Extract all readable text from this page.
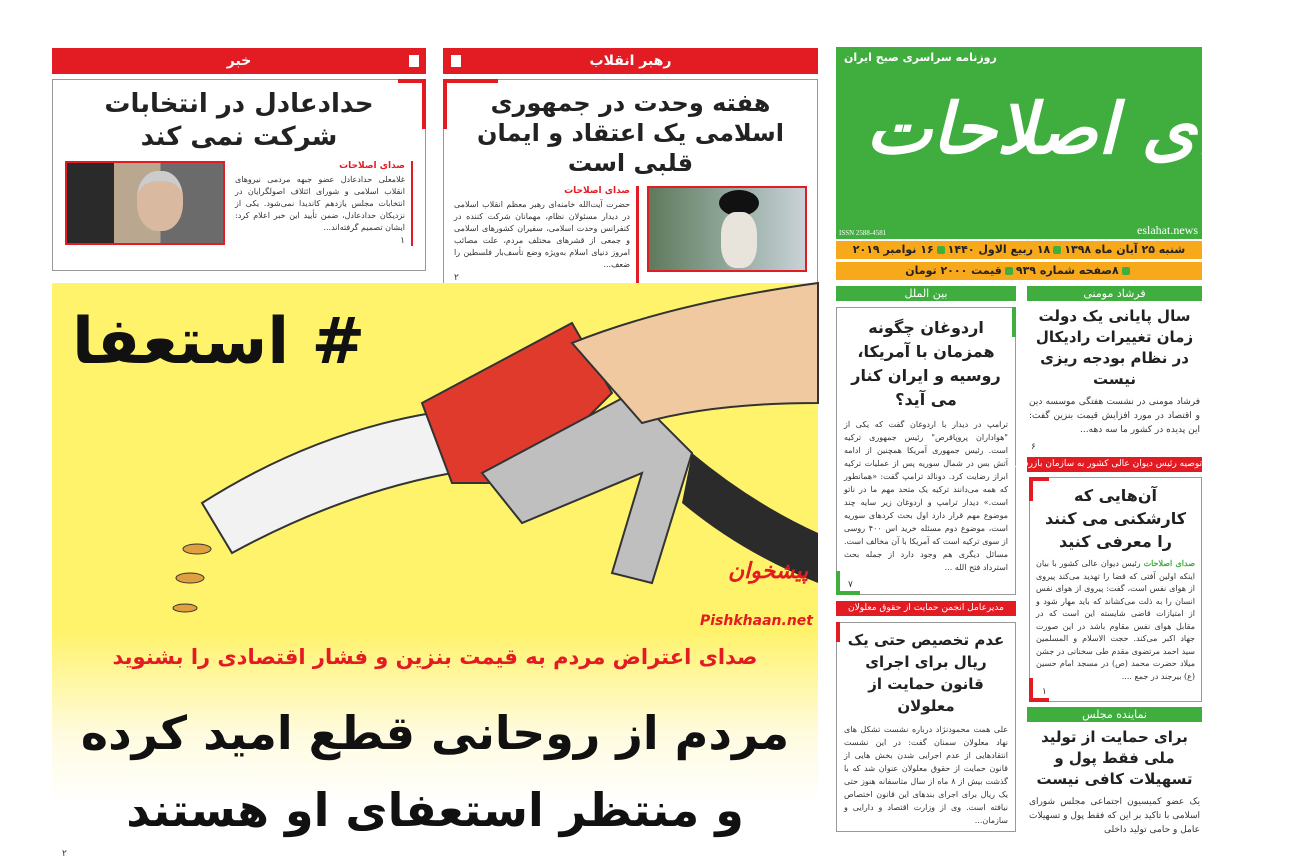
خبر
حدادعادل در انتخابات شرکت نمی کند
صدای اصلاحات
غلامعلی حدادعادل عضو جبهه مردمی نیروهای انقلاب اسلامی و شورای ائتلاف اصولگرایان در انتخابات مجلس یازدهم کاندیدا نمی‌شود. یکی از نزدیکان حدادعادل، ضمن تأیید این خبر اعلام کرد: ایشان تصمیم گرفته‌اند...
۱
رهبر انقلاب
هفته وحدت در جمهوری اسلامی یک اعتقاد و ایمان قلبی است
صدای اصلاحات
حضرت آیت‌الله خامنه‌ای رهبر معظم انقلاب اسلامی در دیدار مسئولان نظام، مهمانان شرکت کننده در کنفرانس وحدت اسلامی، سفیران کشورهای اسلامی و جمعی از قشرهای مختلف مردم، علت مصائب امروز دنیای اسلام به‌ویژه وضع تأسف‌بار فلسطین را ضعف...
۲
روزنامه سراسری صبح ایران
صدای اصلاحات
ISSN 2588-4581	eslahat.news
شنبه ۲۵ آبان ماه ۱۳۹۸۱۸ ربیع الاول ۱۴۴۰۱۶ نوامبر ۲۰۱۹
۸صفحه شماره ۹۳۹قیمت ۲۰۰۰ تومان
# استعفا
پیشخوان
Pishkhaan.net
صدای اعتراض مردم به قیمت بنزین و فشار اقتصادی را بشنوید
مردم از روحانی قطع امید کرده
و منتظر استعفای او هستند
۲
بین الملل
اردوغان چگونه همزمان با آمریکا، روسیه و ایران کنار می آید؟
ترامپ در دیدار با اردوغان گفت که یکی از "هواداران پروپاقرص" رئیس جمهوری ترکیه است. رئیس جمهوری آمریکا همچنین از ادامه آتش بس در شمال سوریه پس از عملیات ترکیه ابراز رضایت کرد. دونالد ترامپ گفت: «همانطور که همه می‌دانند ترکیه یک متحد مهم ما در ناتو است.» دیدار ترامپ و اردوغان زیر سایه چند موضوع مهم قرار دارد اول بحث کردهای سوریه است، موضوع دوم مسئله خرید اس ۴۰۰ روسی از سوی ترکیه است که آمریکا با آن مخالف است. مسائل دیگری هم وجود دارد از جمله بحث استرداد فتح الله ...
۷
مدیرعامل انجمن حمایت از حقوق معلولان
عدم تخصیص حتی یک ریال برای اجرای قانون حمایت از معلولان
علی همت محمودنژاد درباره نشست تشکل های نهاد معلولان سمنان گفت: در این نشست انتقادهایی از عدم اجرایی شدن بخش هایی از قانون حمایت از حقوق معلولان عنوان شد که با گذشت بیش از ۸ ماه از سال متاسفانه هنوز حتی یک ریال برای اجرای بندهای این قانون اختصاص نیافته است. وی از وزارت اقتصاد و دارایی و سازمان...
فرشاد مومنی
سال پایانی یک دولت زمان تغییرات رادیکال در نظام بودجه ریزی نیست
فرشاد مومنی در نشست هفتگی موسسه دین و اقتصاد در مورد افزایش قیمت بنزین گفت: این پدیده در کشور ما سه دهه...
۶
توصیه رئیس دیوان عالی کشور به سازمان بازرسی
آن‌هایی که کارشکنی می کنند را معرفی کنید
صدای اصلاحات رئیس دیوان عالی کشور با بیان اینکه اولین آفتی که قضا را تهدید می‌کند پیروی از هوای نفس است، گفت: پیروی از هوای نفس انسان را به ذلت می‌کشاند که باید مهار شود و از امتیازات قاضی شایسته این است که در مقابل هوای نفس مقاوم باشد در این صورت جهاد اکبر می‌کند. حجت الاسلام و المسلمین سید احمد مرتضوی مقدم طی سخنانی در جشن میلاد حضرت محمد (ص) در مسجد امام حسین (ع) بیرجند در جمع ....
۱
نماینده مجلس
برای حمایت از تولید ملی فقط پول و تسهیلات کافی نیست
یک عضو کمیسیون اجتماعی مجلس شورای اسلامی با تاکید بر این که فقط پول و تسهیلات عامل و حامی تولید داخلی
